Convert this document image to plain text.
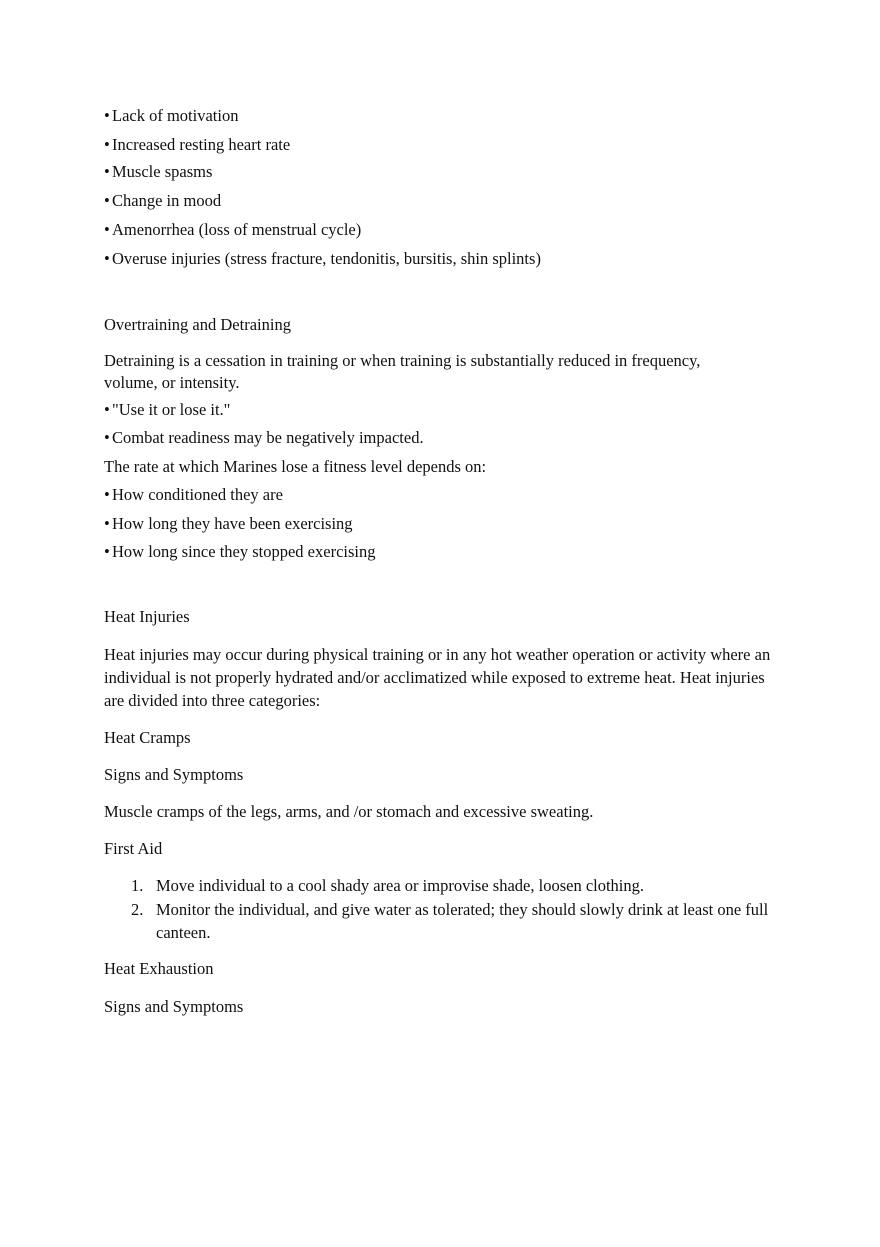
• Lack of motivation
• Increased resting heart rate
• Muscle spasms
• Change in mood
• Amenorrhea (loss of menstrual cycle)
• Overuse injuries (stress fracture, tendonitis, bursitis, shin splints)
Overtraining and Detraining
Detraining is a cessation in training or when training is substantially reduced in frequency, volume, or intensity.
• "Use it or lose it."
• Combat readiness may be negatively impacted.
The rate at which Marines lose a fitness level depends on:
• How conditioned they are
• How long they have been exercising
• How long since they stopped exercising
Heat Injuries
Heat injuries may occur during physical training or in any hot weather operation or activity where an individual is not properly hydrated and/or acclimatized while exposed to extreme heat. Heat injuries are divided into three categories:
Heat Cramps
Signs and Symptoms
Muscle cramps of the legs, arms, and /or stomach and excessive sweating.
First Aid
1. Move individual to a cool shady area or improvise shade, loosen clothing.
2. Monitor the individual, and give water as tolerated; they should slowly drink at least one full canteen.
Heat Exhaustion
Signs and Symptoms
